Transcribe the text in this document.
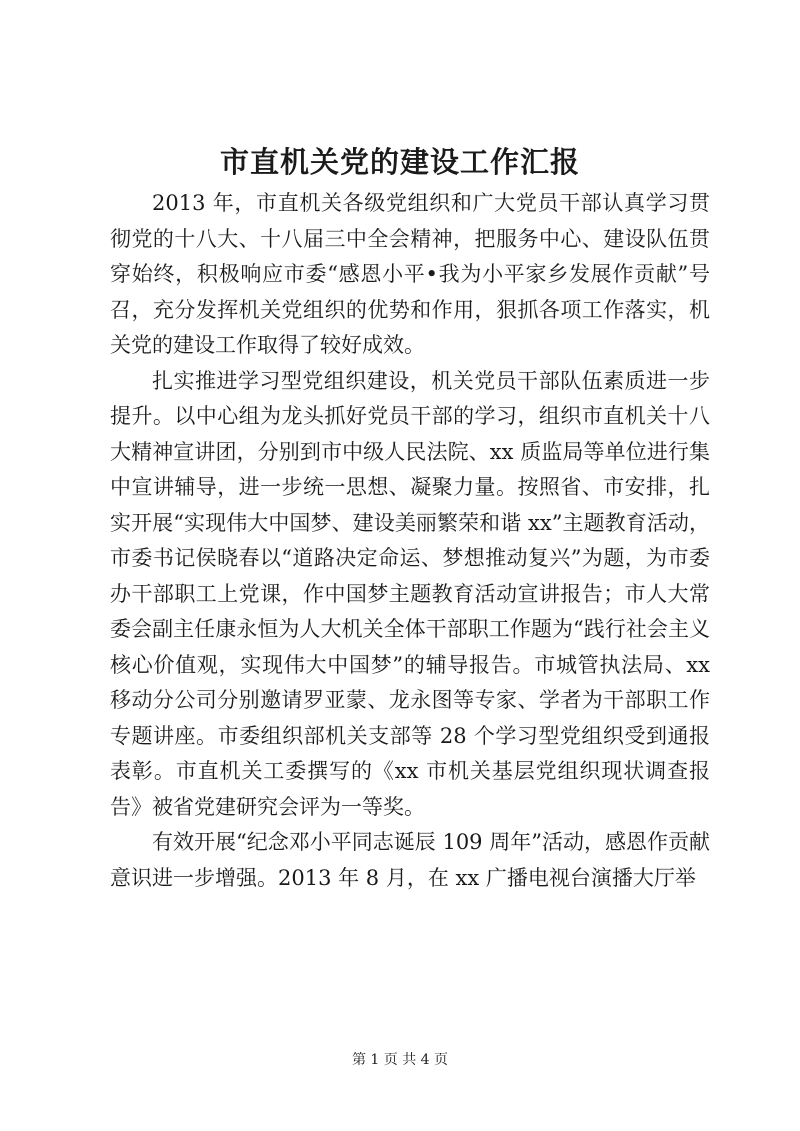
市直机关党的建设工作汇报

2013 年，市直机关各级党组织和广大党员干部认真学习贯彻党的十八大、十八届三中全会精神，把服务中心、建设队伍贯穿始终，积极响应市委“感恩小平•我为小平家乡发展作贡献”号召，充分发挥机关党组织的优势和作用，狠抓各项工作落实，机关党的建设工作取得了较好成效。

扎实推进学习型党组织建设，机关党员干部队伍素质进一步提升。以中心组为龙头抓好党员干部的学习，组织市直机关十八大精神宣讲团，分别到市中级人民法院、xx 质监局等单位进行集中宣讲辅导，进一步统一思想、凝聚力量。按照省、市安排，扎实开展“实现伟大中国梦、建设美丽繁荣和谐 xx”主题教育活动，市委书记侯晓春以“道路决定命运、梦想推动复兴”为题，为市委办干部职工上党课，作中国梦主题教育活动宣讲报告；市人大常委会副主任康永恒为人大机关全体干部职工作题为“践行社会主义核心价值观，实现伟大中国梦”的辅导报告。市城管执法局、xx 移动分公司分别邀请罗亚蒙、龙永图等专家、学者为干部职工作专题讲座。市委组织部机关支部等 28 个学习型党组织受到通报表彰。市直机关工委撰写的《xx 市机关基层党组织现状调查报告》被省党建研究会评为一等奖。

有效开展“纪念邓小平同志诞辰 109 周年”活动，感恩作贡献意识进一步增强。2013 年 8 月，在 xx 广播电视台演播大厅举

第 1 页 共 4 页
